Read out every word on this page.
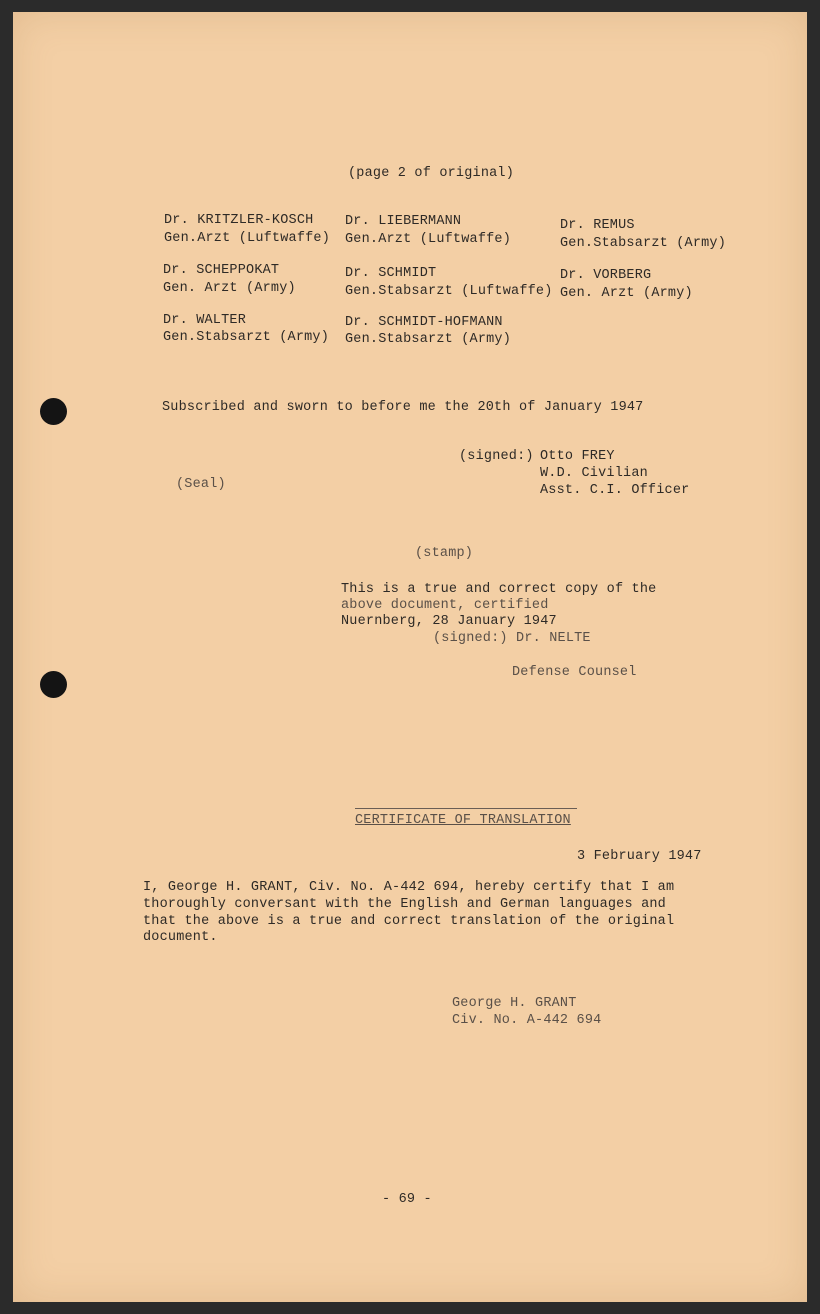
(page 2 of original)
Dr. KRITZLER-KOSCH
Gen.Arzt (Luftwaffe)
Dr. LIEBERMANN
Gen.Arzt (Luftwaffe)
Dr. REMUS
Gen.Stabsarzt (Army)
Dr. SCHEPPOKAT
Gen. Arzt (Army)
Dr. SCHMIDT
Gen.Stabsarzt (Luftwaffe)
Dr. VORBERG
Gen. Arzt (Army)
Dr. WALTER
Gen.Stabsarzt (Army)
Dr. SCHMIDT-HOFMANN
Gen.Stabsarzt (Army)
Subscribed and sworn to before me the 20th of January 1947
(signed:) Otto FREY
W.D. Civilian
Asst. C.I. Officer
(Seal)
(stamp)
This is a true and correct copy of the
above document, certified
Nuernberg, 28 January 1947
(signed:) Dr. NELTE
Defense Counsel
CERTIFICATE OF TRANSLATION
3 February 1947
I, George H. GRANT, Civ. No. A-442 694, hereby certify that I am
thoroughly conversant with the English and German languages and
that the above is a true and correct translation of the original
document.
George H. GRANT
Civ. No. A-442 694
- 69 -
